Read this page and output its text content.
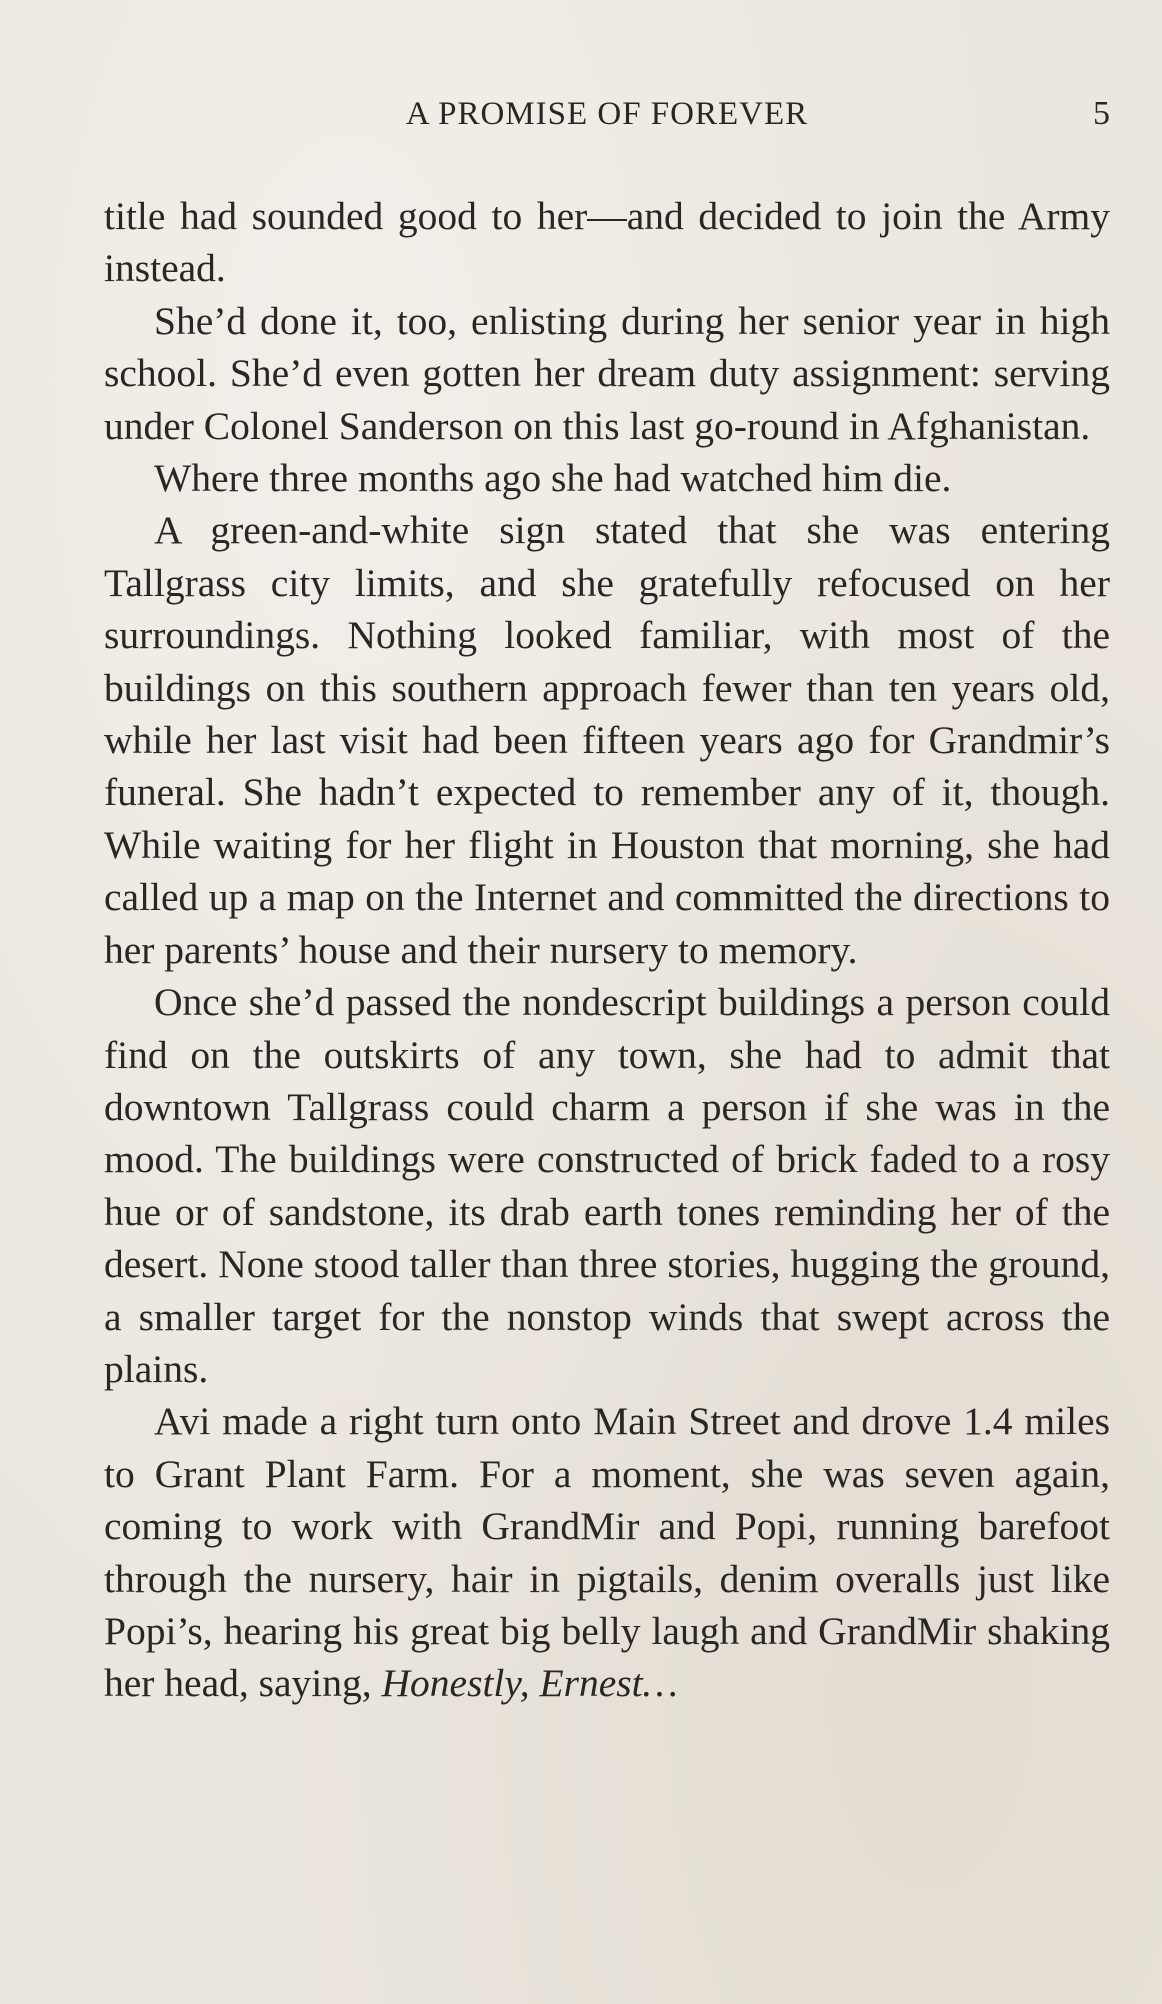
A PROMISE OF FOREVER	5

title had sounded good to her—and decided to join the Army instead.

She’d done it, too, enlisting during her senior year in high school. She’d even gotten her dream duty assignment: serving under Colonel Sanderson on this last go-round in Afghanistan.

Where three months ago she had watched him die.

A green-and-white sign stated that she was entering Tallgrass city limits, and she gratefully refocused on her surroundings. Nothing looked familiar, with most of the buildings on this southern approach fewer than ten years old, while her last visit had been fifteen years ago for Grandmir’s funeral. She hadn’t expected to remember any of it, though. While waiting for her flight in Houston that morning, she had called up a map on the Internet and committed the directions to her parents’ house and their nursery to memory.

Once she’d passed the nondescript buildings a person could find on the outskirts of any town, she had to admit that downtown Tallgrass could charm a person if she was in the mood. The buildings were constructed of brick faded to a rosy hue or of sandstone, its drab earth tones reminding her of the desert. None stood taller than three stories, hugging the ground, a smaller target for the nonstop winds that swept across the plains.

Avi made a right turn onto Main Street and drove 1.4 miles to Grant Plant Farm. For a moment, she was seven again, coming to work with GrandMir and Popi, running barefoot through the nursery, hair in pigtails, denim overalls just like Popi’s, hearing his great big belly laugh and GrandMir shaking her head, saying, Honestly, Ernest…
